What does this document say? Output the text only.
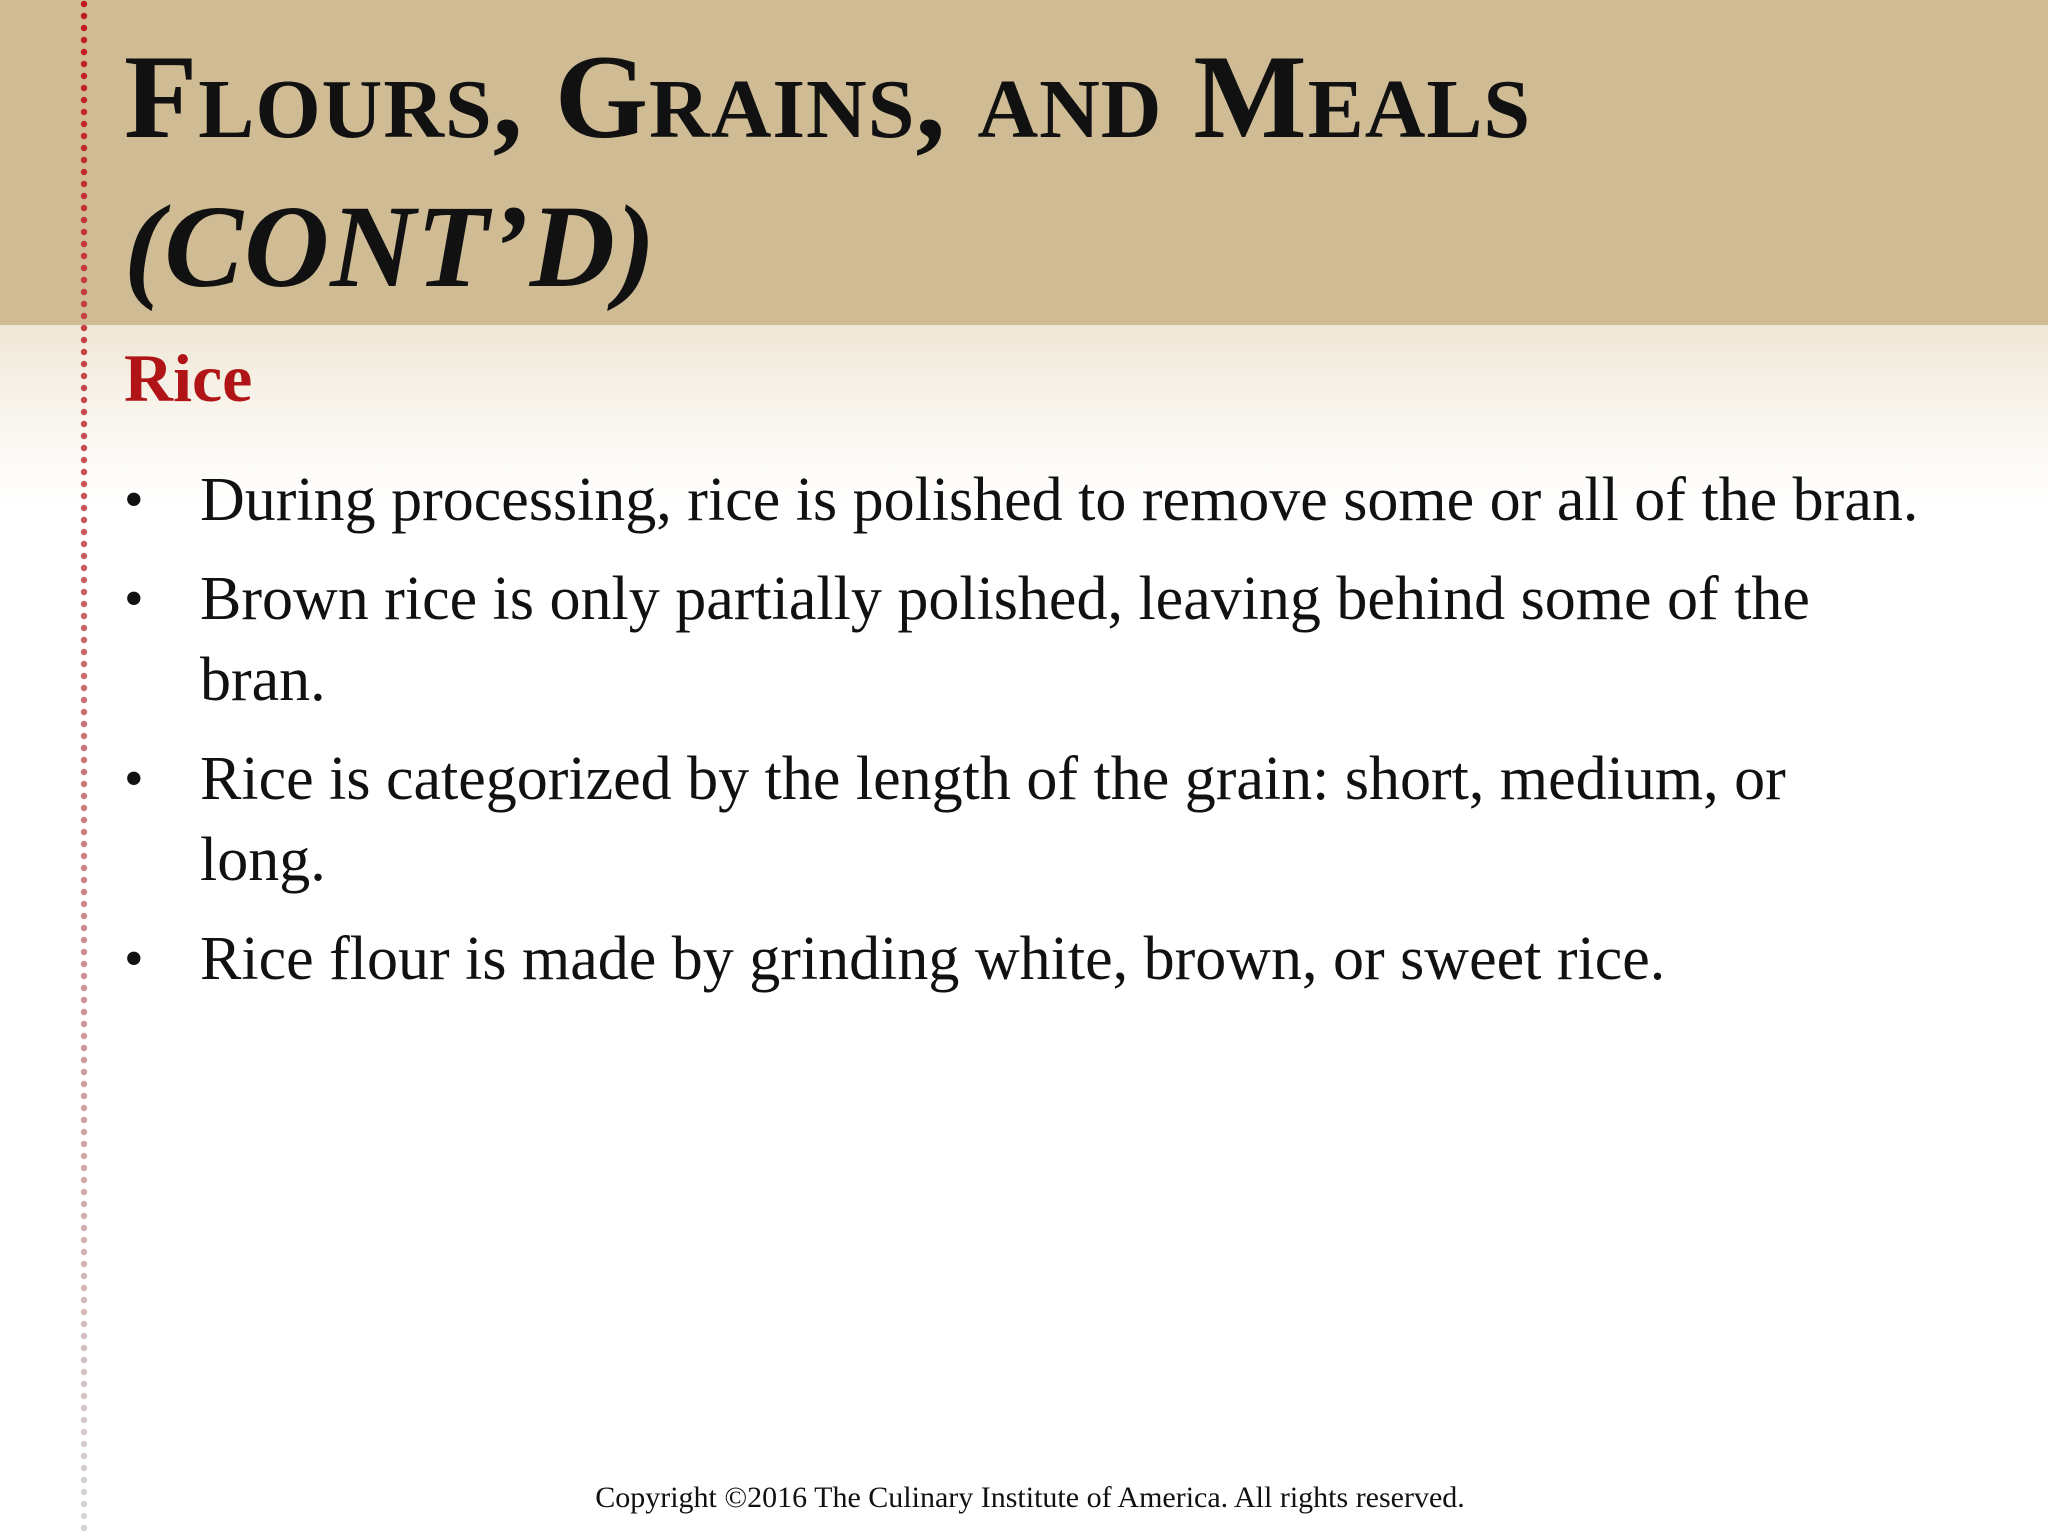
Flours, Grains, and Meals
(CONT’D)
Rice
• During processing, rice is polished to remove some or all of the bran.
• Brown rice is only partially polished, leaving behind some of the bran.
• Rice is categorized by the length of the grain: short, medium, or long.
• Rice flour is made by grinding white, brown, or sweet rice.
Copyright ©2016 The Culinary Institute of America. All rights reserved.
